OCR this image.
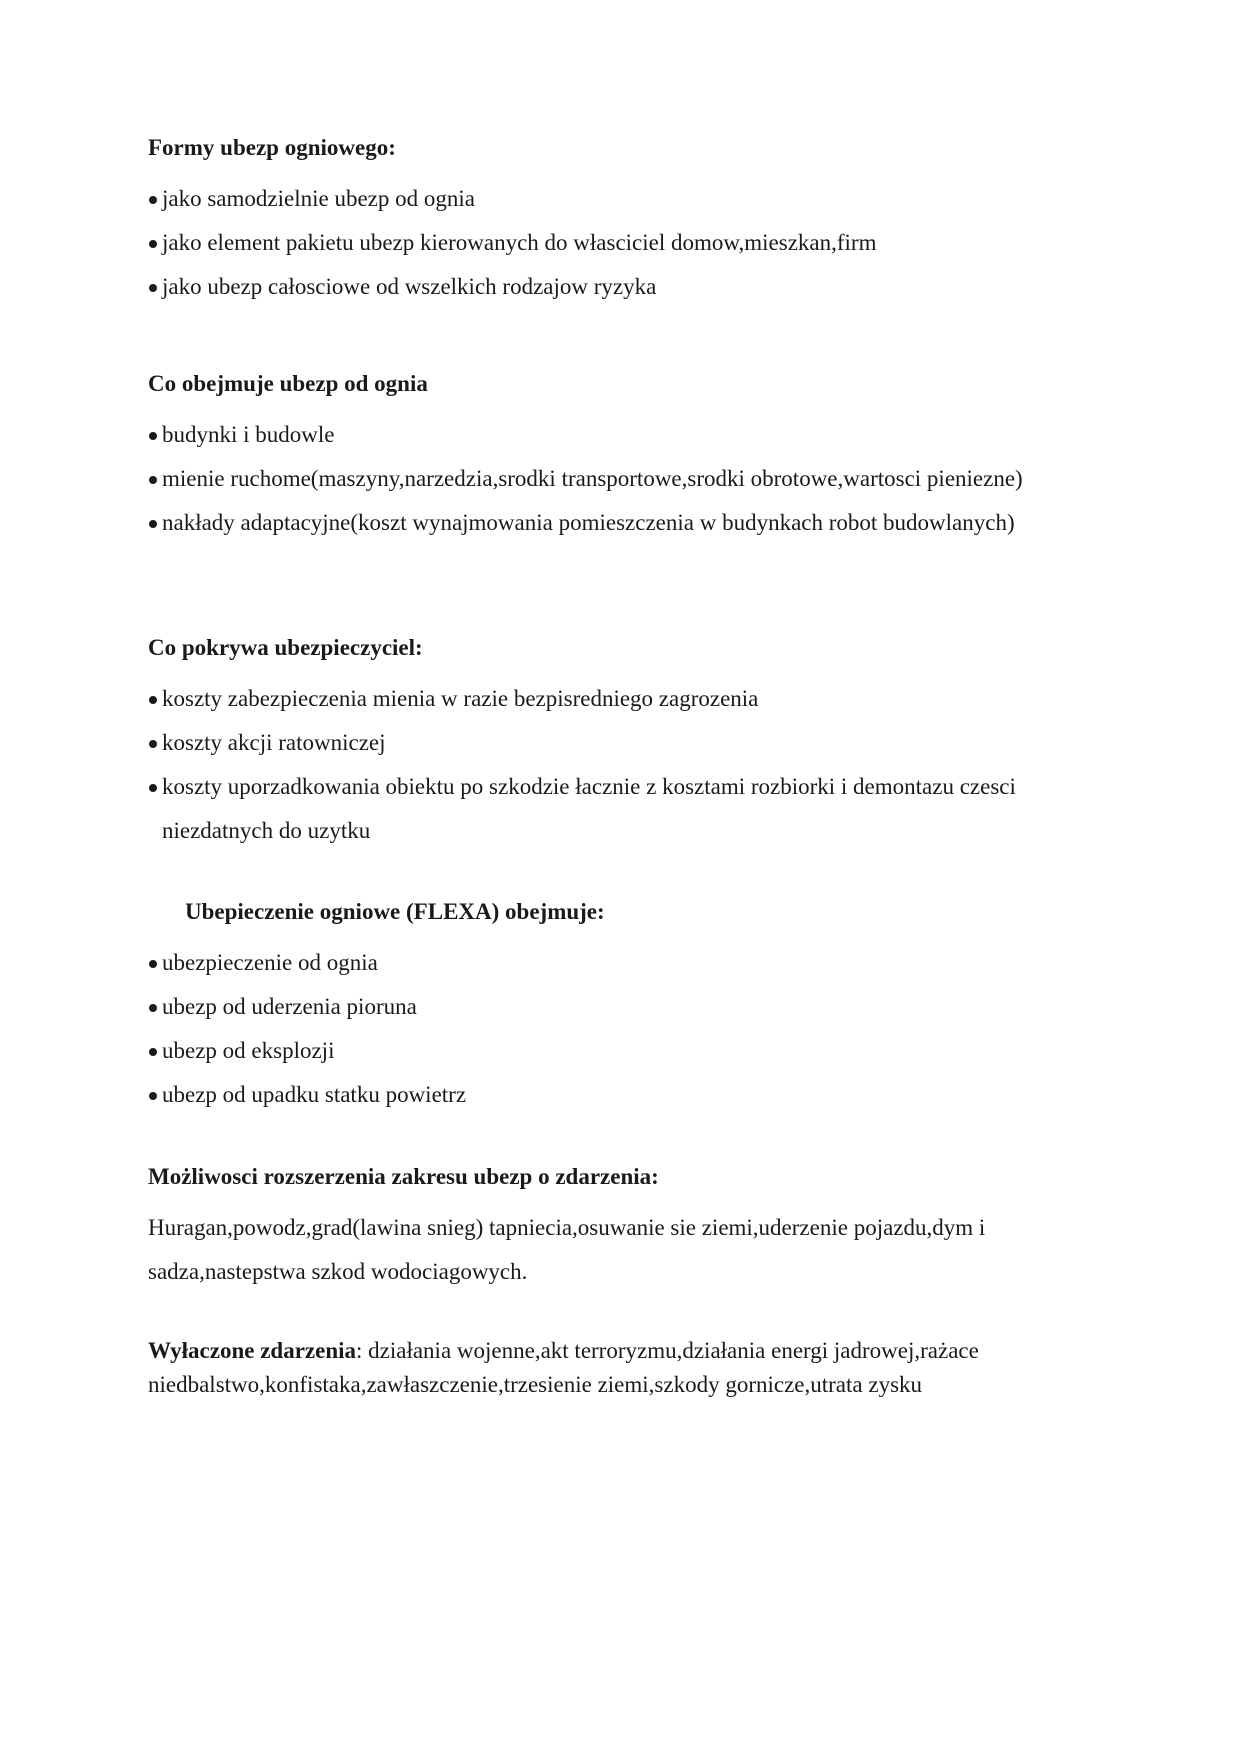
Formy ubezp ogniowego:
jako samodzielnie ubezp od ognia
jako element pakietu ubezp kierowanych do własciciel domow,mieszkan,firm
jako ubezp całosciowe od wszelkich rodzajow ryzyka
Co obejmuje ubezp od ognia
budynki i budowle
mienie ruchome(maszyny,narzedzia,srodki transportowe,srodki obrotowe,wartosci pieniezne)
nakłady adaptacyjne(koszt wynajmowania pomieszczenia w budynkach robot budowlanych)
Co pokrywa ubezpieczyciel:
koszty zabezpieczenia mienia w razie bezpisredniego zagrozenia
koszty akcji ratowniczej
koszty uporzadkowania obiektu po szkodzie łacznie z kosztami rozbiorki i demontazu czesci niezdatnych do uzytku
Ubepieczenie ogniowe (FLEXA) obejmuje:
ubezpieczenie od ognia
ubezp od uderzenia pioruna
ubezp od eksplozji
ubezp od upadku statku powietrz
Możliwosci rozszerzenia zakresu ubezp o zdarzenia:

Huragan,powodz,grad(lawina snieg) tapniecia,osuwanie sie ziemi,uderzenie pojazdu,dym i sadza,nastepstwa szkod wodociagowych.

Wyłaczone zdarzenia: działania wojenne,akt terroryzmu,działania energi jadrowej,rażace niedbalstwo,konfistaka,zawłaszczenie,trzesienie ziemi,szkody gornicze,utrata zysku
